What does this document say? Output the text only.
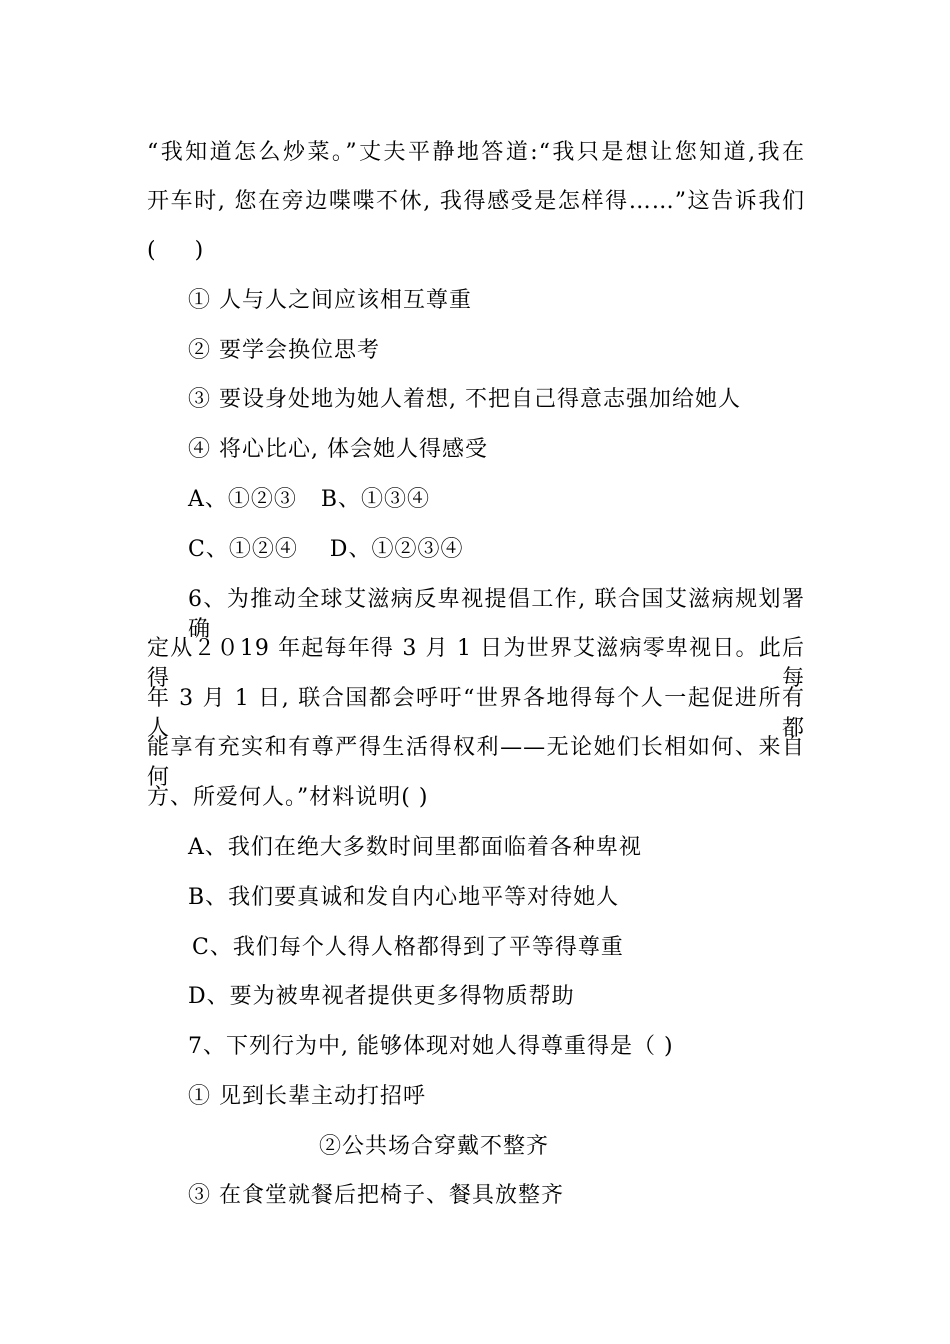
“我知道怎么炒菜。”丈夫平静地答道:“我只是想让您知道,我在
开车时, 您在旁边喋喋不休, 我得感受是怎样得……”这告诉我们
( )
① 人与人之间应该相互尊重
② 要学会换位思考
③ 要设身处地为她人着想, 不把自己得意志强加给她人
④ 将心比心, 体会她人得感受
A、①②③   B、①③④
C、①②④    D、①②③④
6、为推动全球艾滋病反卑视提倡工作, 联合国艾滋病规划署确
定从２０19 年起每年得 3 月 1 日为世界艾滋病零卑视日。此后得每
年 3 月 1 日, 联合国都会呼吁“世界各地得每个人一起促进所有人都
能享有充实和有尊严得生活得权利——无论她们长相如何、来自何
方、所爱何人。”材料说明( )
A、我们在绝大多数时间里都面临着各种卑视
B、我们要真诚和发自内心地平等对待她人
C、我们每个人得人格都得到了平等得尊重
D、要为被卑视者提供更多得物质帮助
7、下列行为中, 能够体现对她人得尊重得是（ )
① 见到长辈主动打招呼
②公共场合穿戴不整齐
③ 在食堂就餐后把椅子、餐具放整齐
